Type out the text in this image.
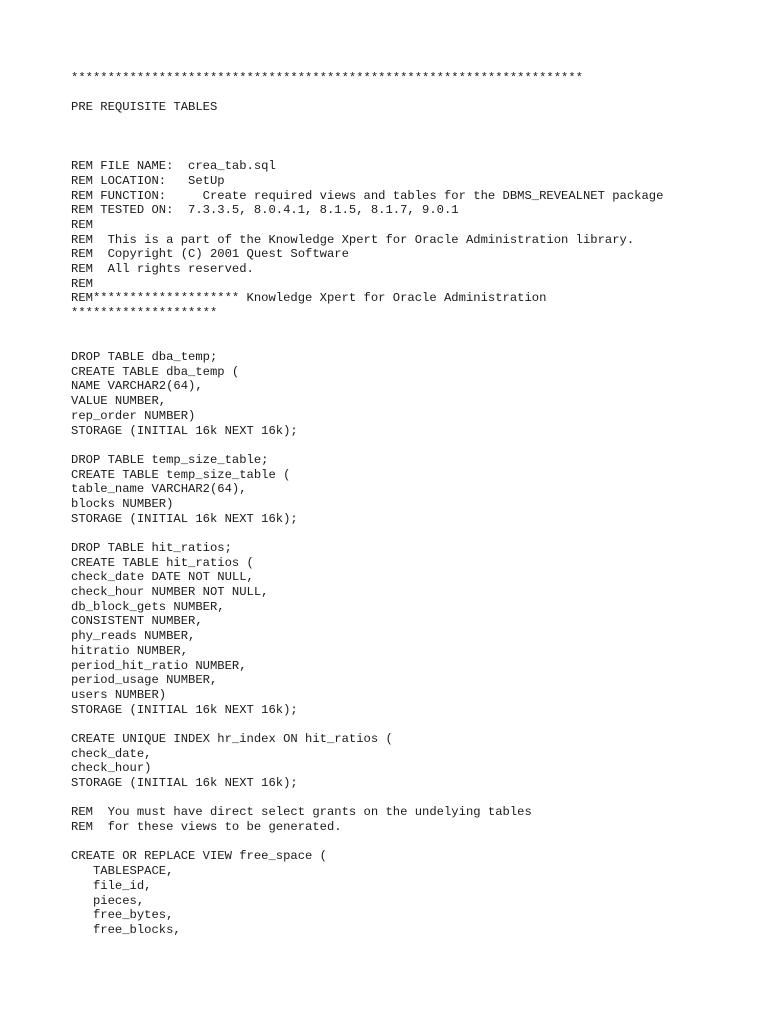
**********************************************************************
PRE REQUISITE TABLES
REM FILE NAME:  crea_tab.sql
REM LOCATION:   SetUp
REM FUNCTION:     Create required views and tables for the DBMS_REVEALNET package
REM TESTED ON:  7.3.3.5, 8.0.4.1, 8.1.5, 8.1.7, 9.0.1
REM
REM  This is a part of the Knowledge Xpert for Oracle Administration library.
REM  Copyright (C) 2001 Quest Software
REM  All rights reserved.
REM
REM******************** Knowledge Xpert for Oracle Administration
********************
DROP TABLE dba_temp;
CREATE TABLE dba_temp (
NAME VARCHAR2(64),
VALUE NUMBER,
rep_order NUMBER)
STORAGE (INITIAL 16k NEXT 16k);
DROP TABLE temp_size_table;
CREATE TABLE temp_size_table (
table_name VARCHAR2(64),
blocks NUMBER)
STORAGE (INITIAL 16k NEXT 16k);
DROP TABLE hit_ratios;
CREATE TABLE hit_ratios (
check_date DATE NOT NULL,
check_hour NUMBER NOT NULL,
db_block_gets NUMBER,
CONSISTENT NUMBER,
phy_reads NUMBER,
hitratio NUMBER,
period_hit_ratio NUMBER,
period_usage NUMBER,
users NUMBER)
STORAGE (INITIAL 16k NEXT 16k);
CREATE UNIQUE INDEX hr_index ON hit_ratios (
check_date,
check_hour)
STORAGE (INITIAL 16k NEXT 16k);
REM  You must have direct select grants on the undelying tables
REM  for these views to be generated.
CREATE OR REPLACE VIEW free_space (
TABLESPACE,
file_id,
pieces,
free_bytes,
free_blocks,
